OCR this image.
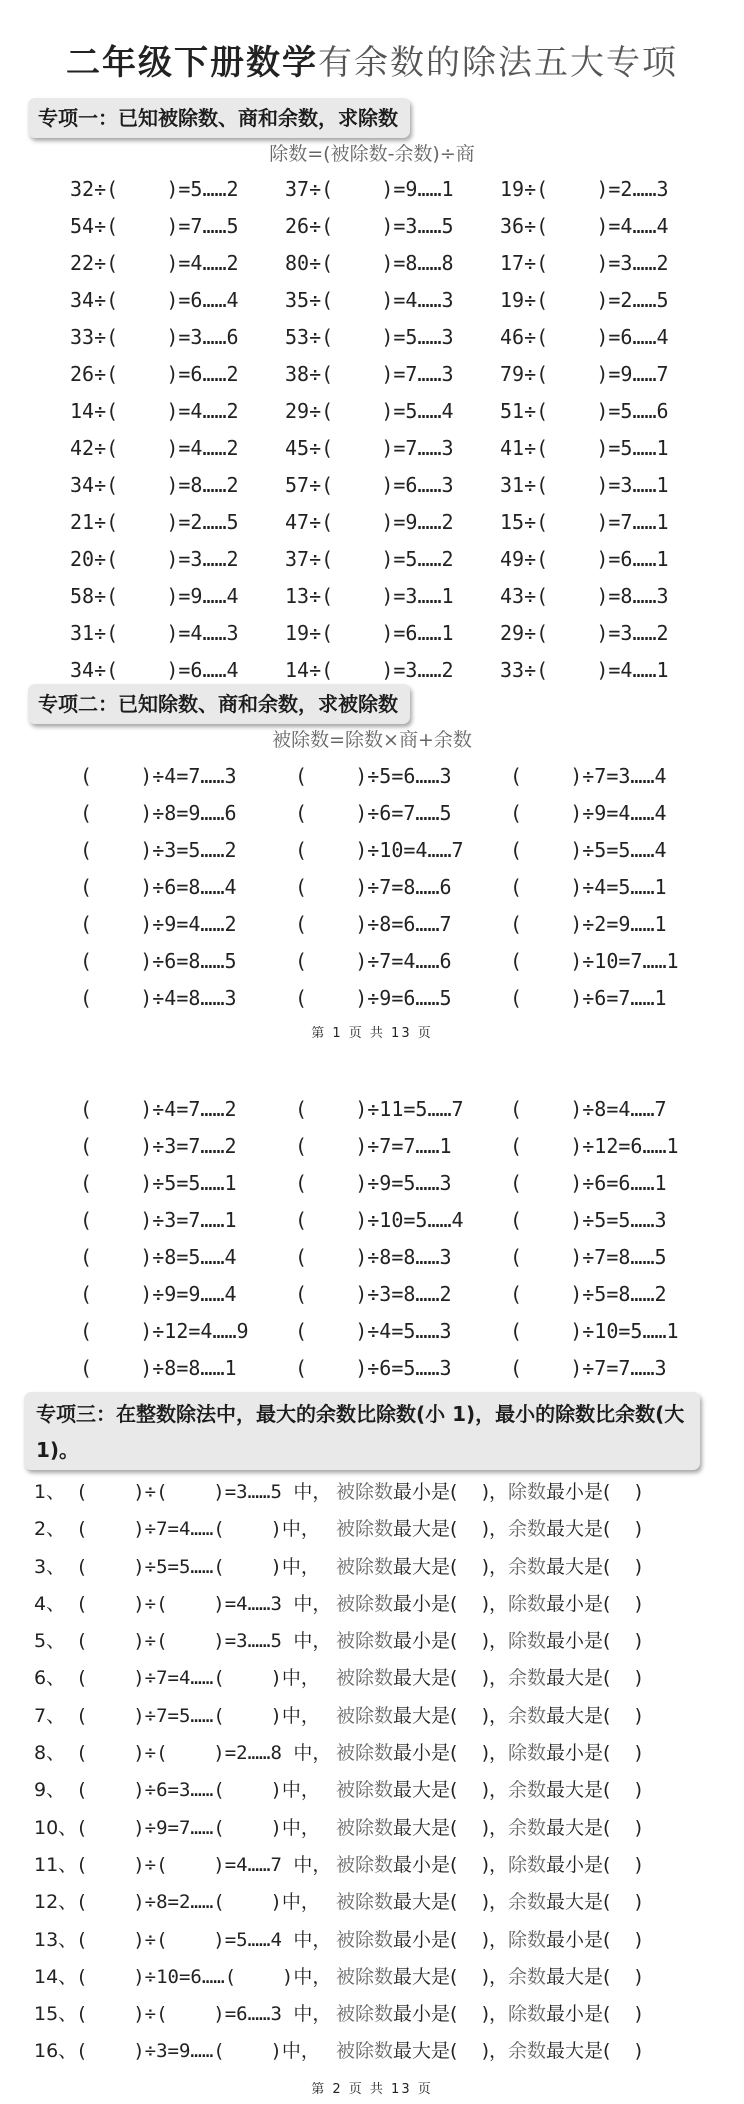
二年级下册数学有余数的除法五大专项
专项一：已知被除数、商和余数，求除数
除数=(被除数-余数)÷商
32÷(    )=5……2	37÷(    )=9……1	19÷(    )=2……3
54÷(    )=7……5	26÷(    )=3……5	36÷(    )=4……4
22÷(    )=4……2	80÷(    )=8……8	17÷(    )=3……2
34÷(    )=6……4	35÷(    )=4……3	19÷(    )=2……5
33÷(    )=3……6	53÷(    )=5……3	46÷(    )=6……4
26÷(    )=6……2	38÷(    )=7……3	79÷(    )=9……7
14÷(    )=4……2	29÷(    )=5……4	51÷(    )=5……6
42÷(    )=4……2	45÷(    )=7……3	41÷(    )=5……1
34÷(    )=8……2	57÷(    )=6……3	31÷(    )=3……1
21÷(    )=2……5	47÷(    )=9……2	15÷(    )=7……1
20÷(    )=3……2	37÷(    )=5……2	49÷(    )=6……1
58÷(    )=9……4	13÷(    )=3……1	43÷(    )=8……3
31÷(    )=4……3	19÷(    )=6……1	29÷(    )=3……2
34÷(    )=6……4	14÷(    )=3……2	33÷(    )=4……1
专项二：已知除数、商和余数，求被除数
被除数=除数×商+余数
(    )÷4=7……3	(    )÷5=6……3	(    )÷7=3……4
(    )÷8=9……6	(    )÷6=7……5	(    )÷9=4……4
(    )÷3=5……2	(    )÷10=4……7	(    )÷5=5……4
(    )÷6=8……4	(    )÷7=8……6	(    )÷4=5……1
(    )÷9=4……2	(    )÷8=6……7	(    )÷2=9……1
(    )÷6=8……5	(    )÷7=4……6	(    )÷10=7……1
(    )÷4=8……3	(    )÷9=6……5	(    )÷6=7……1
第 1 页 共 13 页
(    )÷4=7……2	(    )÷11=5……7	(    )÷8=4……7
(    )÷3=7……2	(    )÷7=7……1	(    )÷12=6……1
(    )÷5=5……1	(    )÷9=5……3	(    )÷6=6……1
(    )÷3=7……1	(    )÷10=5……4	(    )÷5=5……3
(    )÷8=5……4	(    )÷8=8……3	(    )÷7=8……5
(    )÷9=9……4	(    )÷3=8……2	(    )÷5=8……2
(    )÷12=4……9	(    )÷4=5……3	(    )÷10=5……1
(    )÷8=8……1	(    )÷6=5……3	(    )÷7=7……3
专项三：在整数除法中，最大的余数比除数(小 1)，最小的除数比余数(大 1)。
1、 (    )÷(    )=3……5 中， 被除数 最小是(    )， 除数 最小是(    )
2、 (    )÷7=4……(    )中， 被除数 最大是(    )， 余数 最大是(    )
3、 (    )÷5=5……(    )中， 被除数 最大是(    )， 余数 最大是(    )
4、 (    )÷(    )=4……3 中， 被除数 最小是(    )， 除数 最小是(    )
5、 (    )÷(    )=3……5 中， 被除数 最小是(    )， 除数 最小是(    )
6、 (    )÷7=4……(    )中， 被除数 最大是(    )， 余数 最大是(    )
7、 (    )÷7=5……(    )中， 被除数 最大是(    )， 余数 最大是(    )
8、 (    )÷(    )=2……8 中， 被除数 最小是(    )， 除数 最小是(    )
9、 (    )÷6=3……(    )中， 被除数 最大是(    )， 余数 最大是(    )
10、
(    )÷9=7……(    )中， 被除数 最大是(    )， 余数 最大是(    )
11、
(    )÷(    )=4……7 中， 被除数 最小是(    )， 除数 最小是(    )
12、
(    )÷8=2……(    )中， 被除数 最大是(    )， 余数 最大是(    )
13、
(    )÷(    )=5……4 中， 被除数 最小是(    )， 除数 最小是(    )
14、
(    )÷10=6……(    )中， 被除数 最大是(    )， 余数 最大是(    )
15、
(    )÷(    )=6……3 中， 被除数 最小是(    )， 除数 最小是(    )
16、
(    )÷3=9……(    )中， 被除数 最大是(    )， 余数 最大是(    )
第 2 页 共 13 页
